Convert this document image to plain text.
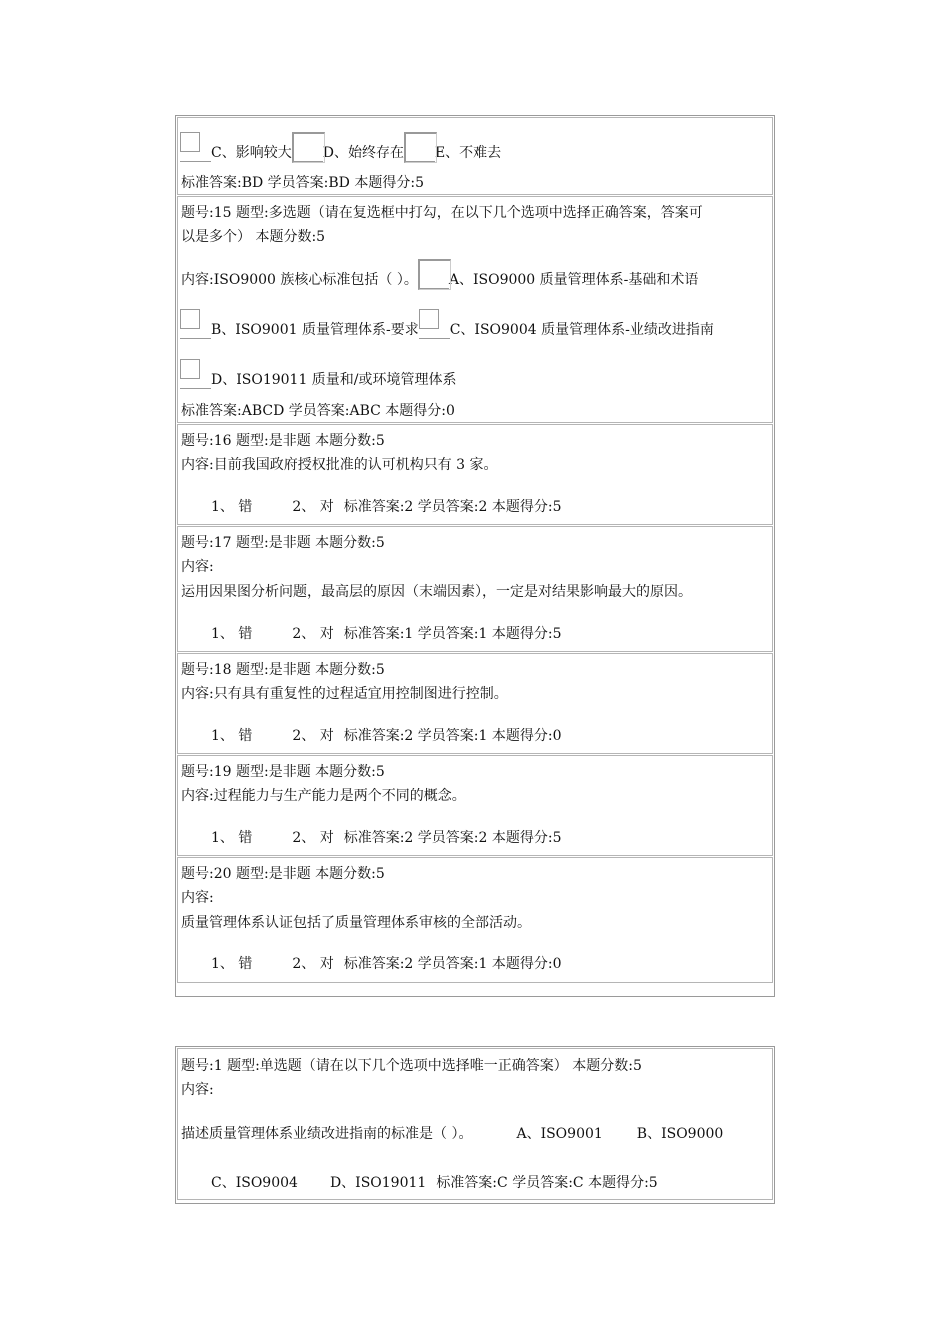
C、影响较大 D、始终存在 E、不难去
标准答案:BD 学员答案:BD 本题得分:5
题号:15 题型:多选题（请在复选框中打勾，在以下几个选项中选择正确答案，答案可
以是多个） 本题分数:5
内容:ISO9000 族核心标准包括（ ）。 A、ISO9000 质量管理体系-基础和术语
B、ISO9001 质量管理体系-要求 C、ISO9004 质量管理体系-业绩改进指南
D、ISO19011 质量和/或环境管理体系
标准答案:ABCD 学员答案:ABC 本题得分:0
题号:16 题型:是非题 本题分数:5
内容:目前我国政府授权批准的认可机构只有 3 家。
1、 错	2、 对 标准答案:2 学员答案:2 本题得分:5
题号:17 题型:是非题 本题分数:5
内容:
运用因果图分析问题，最高层的原因（末端因素），一定是对结果影响最大的原因。
1、 错	2、 对 标准答案:1 学员答案:1 本题得分:5
题号:18 题型:是非题 本题分数:5
内容:只有具有重复性的过程适宜用控制图进行控制。
1、 错	2、 对 标准答案:2 学员答案:1 本题得分:0
题号:19 题型:是非题 本题分数:5
内容:过程能力与生产能力是两个不同的概念。
1、 错	2、 对 标准答案:2 学员答案:2 本题得分:5
题号:20 题型:是非题 本题分数:5
内容:
质量管理体系认证包括了质量管理体系审核的全部活动。
1、 错	2、 对 标准答案:2 学员答案:1 本题得分:0
题号:1 题型:单选题（请在以下几个选项中选择唯一正确答案） 本题分数:5
内容:
描述质量管理体系业绩改进指南的标准是（ ）。	A、ISO9001 B、ISO9000
C、ISO9004 D、ISO19011 标准答案:C 学员答案:C 本题得分:5
